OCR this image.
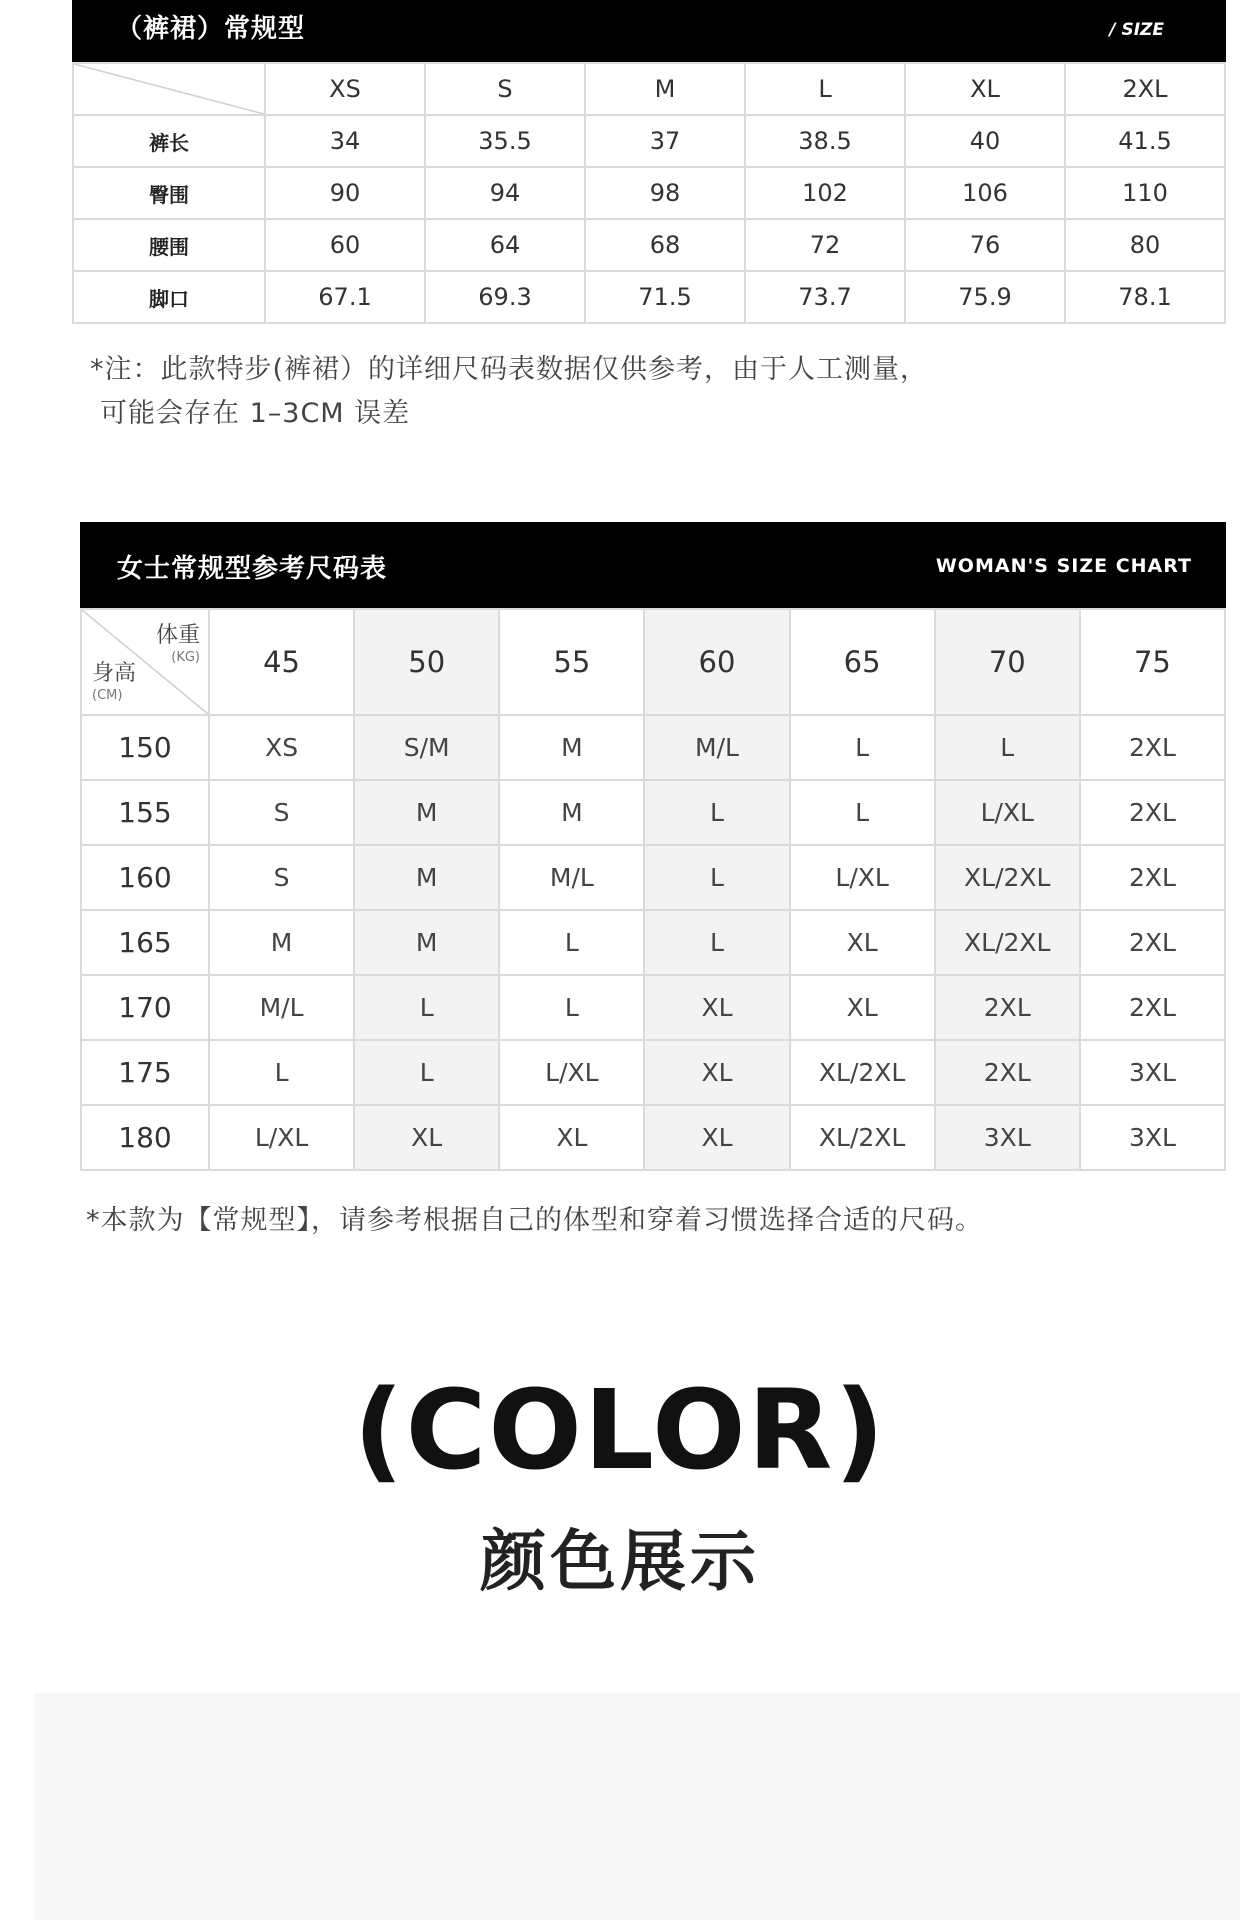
（裤裙）常规型	/ SIZE
	XS	S	M	L	XL	2XL
裤长	34	35.5	37	38.5	40	41.5
臀围	90	94	98	102	106	110
腰围	60	64	68	72	76	80
脚口	67.1	69.3	71.5	73.7	75.9	78.1
*注：此款特步(裤裙）的详细尺码表数据仅供参考，由于人工测量，
可能会存在 1–3CM 误差
女士常规型参考尺码表	WOMAN'S SIZE CHART
体重
(KG)
身高
(CM)	45	50	55	60	65	70	75
150	XS	S/M	M	M/L	L	L	2XL
155	S	M	M	L	L	L/XL	2XL
160	S	M	M/L	L	L/XL	XL/2XL	2XL
165	M	M	L	L	XL	XL/2XL	2XL
170	M/L	L	L	XL	XL	2XL	2XL
175	L	L	L/XL	XL	XL/2XL	2XL	3XL
180	L/XL	XL	XL	XL	XL/2XL	3XL	3XL
*本款为【常规型】，请参考根据自己的体型和穿着习惯选择合适的尺码。
(COLOR)
颜色展示
